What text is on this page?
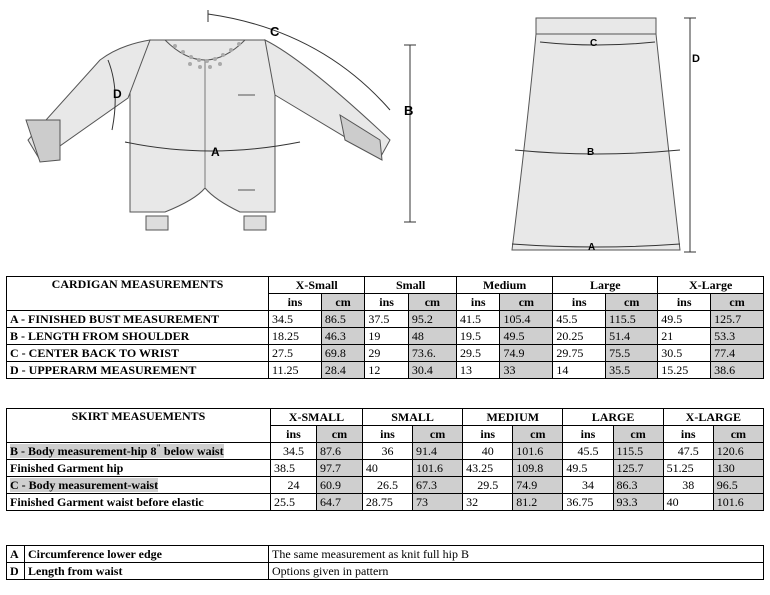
A
B
C
D
C
B
A
D
CARDIGAN MEASUREMENTS	X-Small		Small		Medium		Large		X-Large	
	ins	cm	ins	cm	ins	cm	ins	cm	ins	cm
A - FINISHED BUST MEASUREMENT	34.5	86.5	37.5	95.2	41.5	105.4	45.5	115.5	49.5	125.7
B - LENGTH FROM SHOULDER	18.25	46.3	19	48	19.5	49.5	20.25	51.4	21	53.3
C - CENTER BACK TO WRIST	27.5	69.8	29	73.6.	29.5	74.9	29.75	75.5	30.5	77.4
D - UPPERARM MEASUREMENT	11.25	28.4	12	30.4	13	33	14	35.5	15.25	38.6
SKIRT MEASUEMENTS	X-SMALL		SMALL		MEDIUM		LARGE		X-LARGE	
	ins	cm	ins	cm	ins	cm	ins	cm	ins	cm
B - Body measurement-hip 8" below waist	34.5	87.6	36	91.4	40	101.6	45.5	115.5	47.5	120.6
Finished Garment hip	38.5	97.7	40	101.6	43.25	109.8	49.5	125.7	51.25	130
C - Body measurement-waist	24	60.9	26.5	67.3	29.5	74.9	34	86.3	38	96.5
Finished Garment waist before elastic	25.5	64.7	28.75	73	32	81.2	36.75	93.3	40	101.6
A	Circumference lower edge	The same measurement as knit full hip B
D	Length from waist	Options given in pattern
